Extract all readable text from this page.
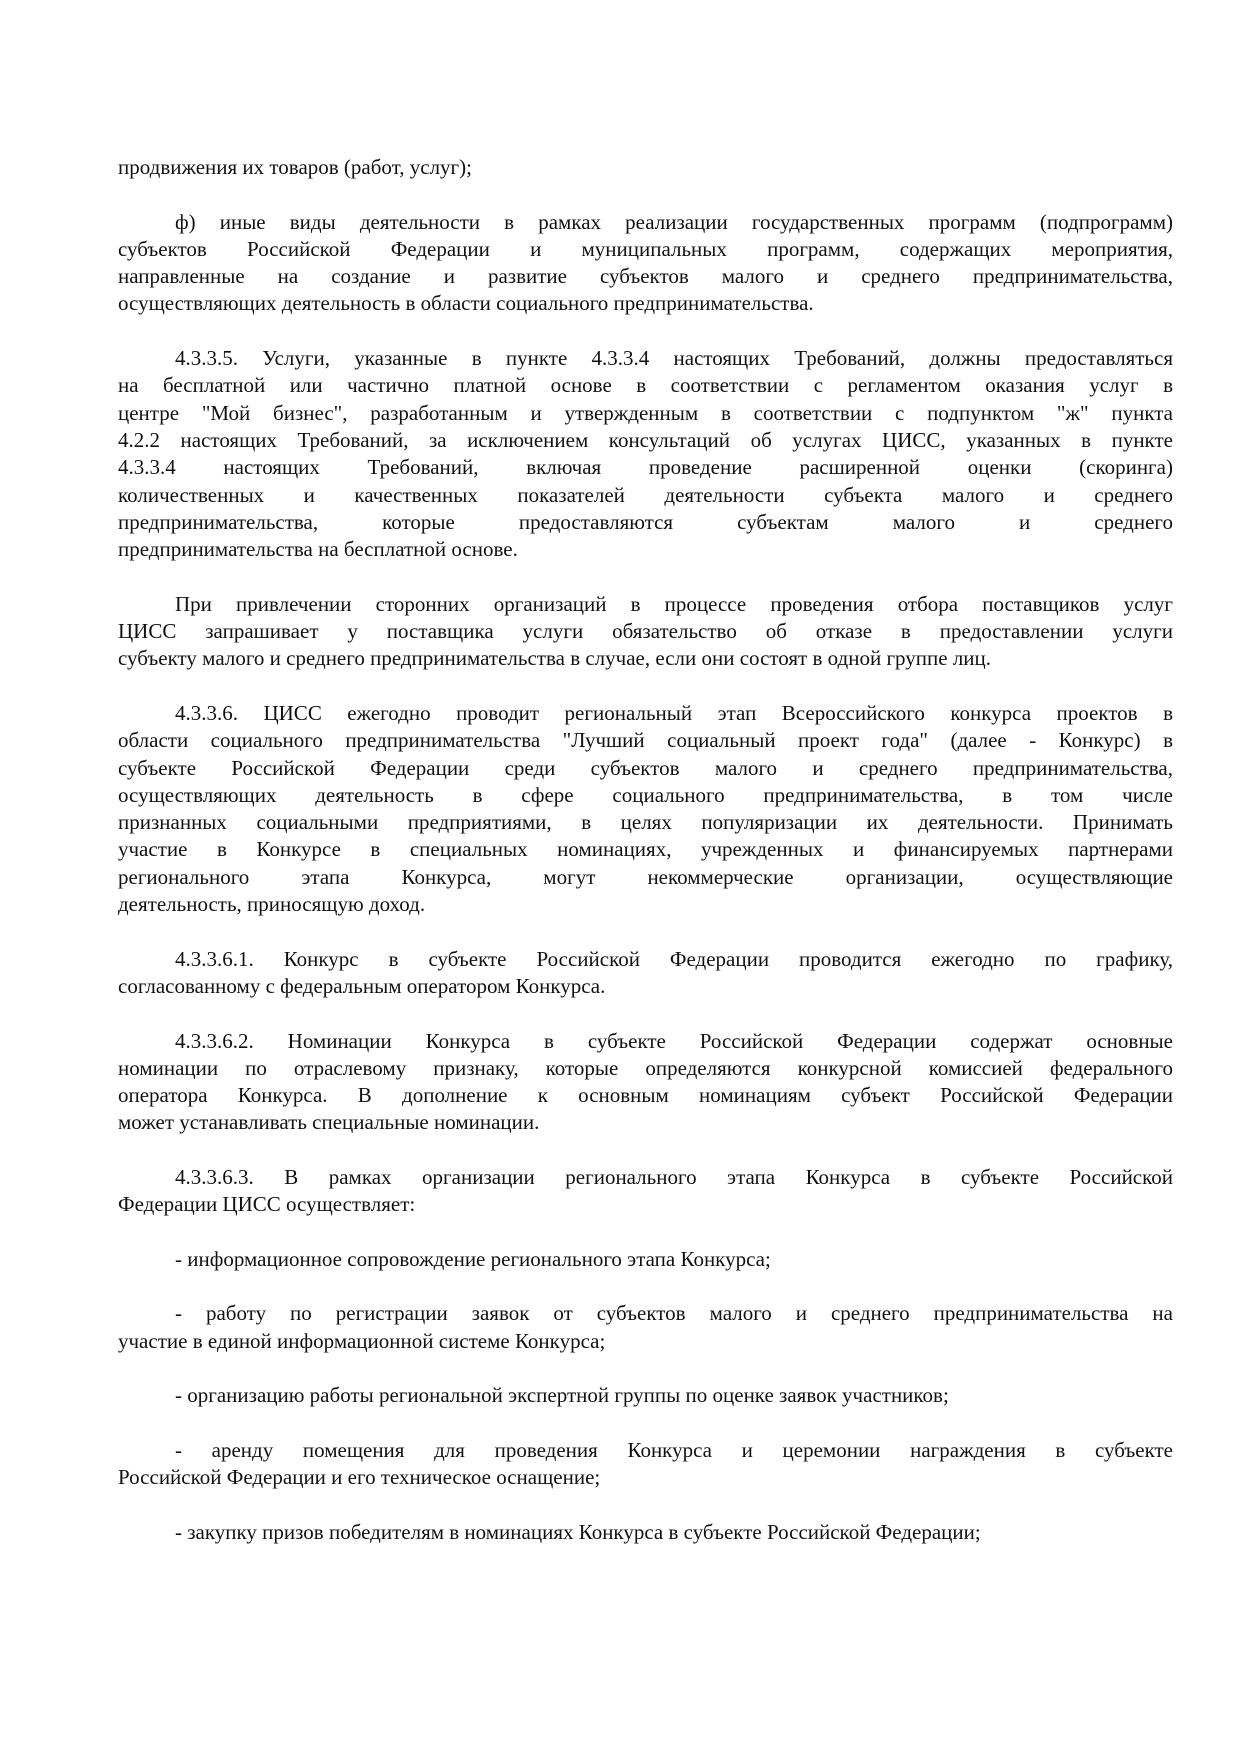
продвижения их товаров (работ, услуг);
ф) иные виды деятельности в рамках реализации государственных программ (подпрограмм)
субъектов Российской Федерации и муниципальных программ, содержащих мероприятия,
направленные на создание и развитие субъектов малого и среднего предпринимательства,
осуществляющих деятельность в области социального предпринимательства.
4.3.3.5. Услуги, указанные в пункте 4.3.3.4 настоящих Требований, должны предоставляться
на бесплатной или частично платной основе в соответствии с регламентом оказания услуг в
центре "Мой бизнес", разработанным и утвержденным в соответствии с подпунктом "ж" пункта
4.2.2 настоящих Требований, за исключением консультаций об услугах ЦИСС, указанных в пункте
4.3.3.4 настоящих Требований, включая проведение расширенной оценки (скоринга)
количественных и качественных показателей деятельности субъекта малого и среднего
предпринимательства, которые предоставляются субъектам малого и среднего
предпринимательства на бесплатной основе.
При привлечении сторонних организаций в процессе проведения отбора поставщиков услуг
ЦИСС запрашивает у поставщика услуги обязательство об отказе в предоставлении услуги
субъекту малого и среднего предпринимательства в случае, если они состоят в одной группе лиц.
4.3.3.6. ЦИСС ежегодно проводит региональный этап Всероссийского конкурса проектов в
области социального предпринимательства "Лучший социальный проект года" (далее - Конкурс) в
субъекте Российской Федерации среди субъектов малого и среднего предпринимательства,
осуществляющих деятельность в сфере социального предпринимательства, в том числе
признанных социальными предприятиями, в целях популяризации их деятельности. Принимать
участие в Конкурсе в специальных номинациях, учрежденных и финансируемых партнерами
регионального этапа Конкурса, могут некоммерческие организации, осуществляющие
деятельность, приносящую доход.
4.3.3.6.1. Конкурс в субъекте Российской Федерации проводится ежегодно по графику,
согласованному с федеральным оператором Конкурса.
4.3.3.6.2. Номинации Конкурса в субъекте Российской Федерации содержат основные
номинации по отраслевому признаку, которые определяются конкурсной комиссией федерального
оператора Конкурса. В дополнение к основным номинациям субъект Российской Федерации
может устанавливать специальные номинации.
4.3.3.6.3. В рамках организации регионального этапа Конкурса в субъекте Российской
Федерации ЦИСС осуществляет:
- информационное сопровождение регионального этапа Конкурса;
- работу по регистрации заявок от субъектов малого и среднего предпринимательства на
участие в единой информационной системе Конкурса;
- организацию работы региональной экспертной группы по оценке заявок участников;
- аренду помещения для проведения Конкурса и церемонии награждения в субъекте
Российской Федерации и его техническое оснащение;
- закупку призов победителям в номинациях Конкурса в субъекте Российской Федерации;
